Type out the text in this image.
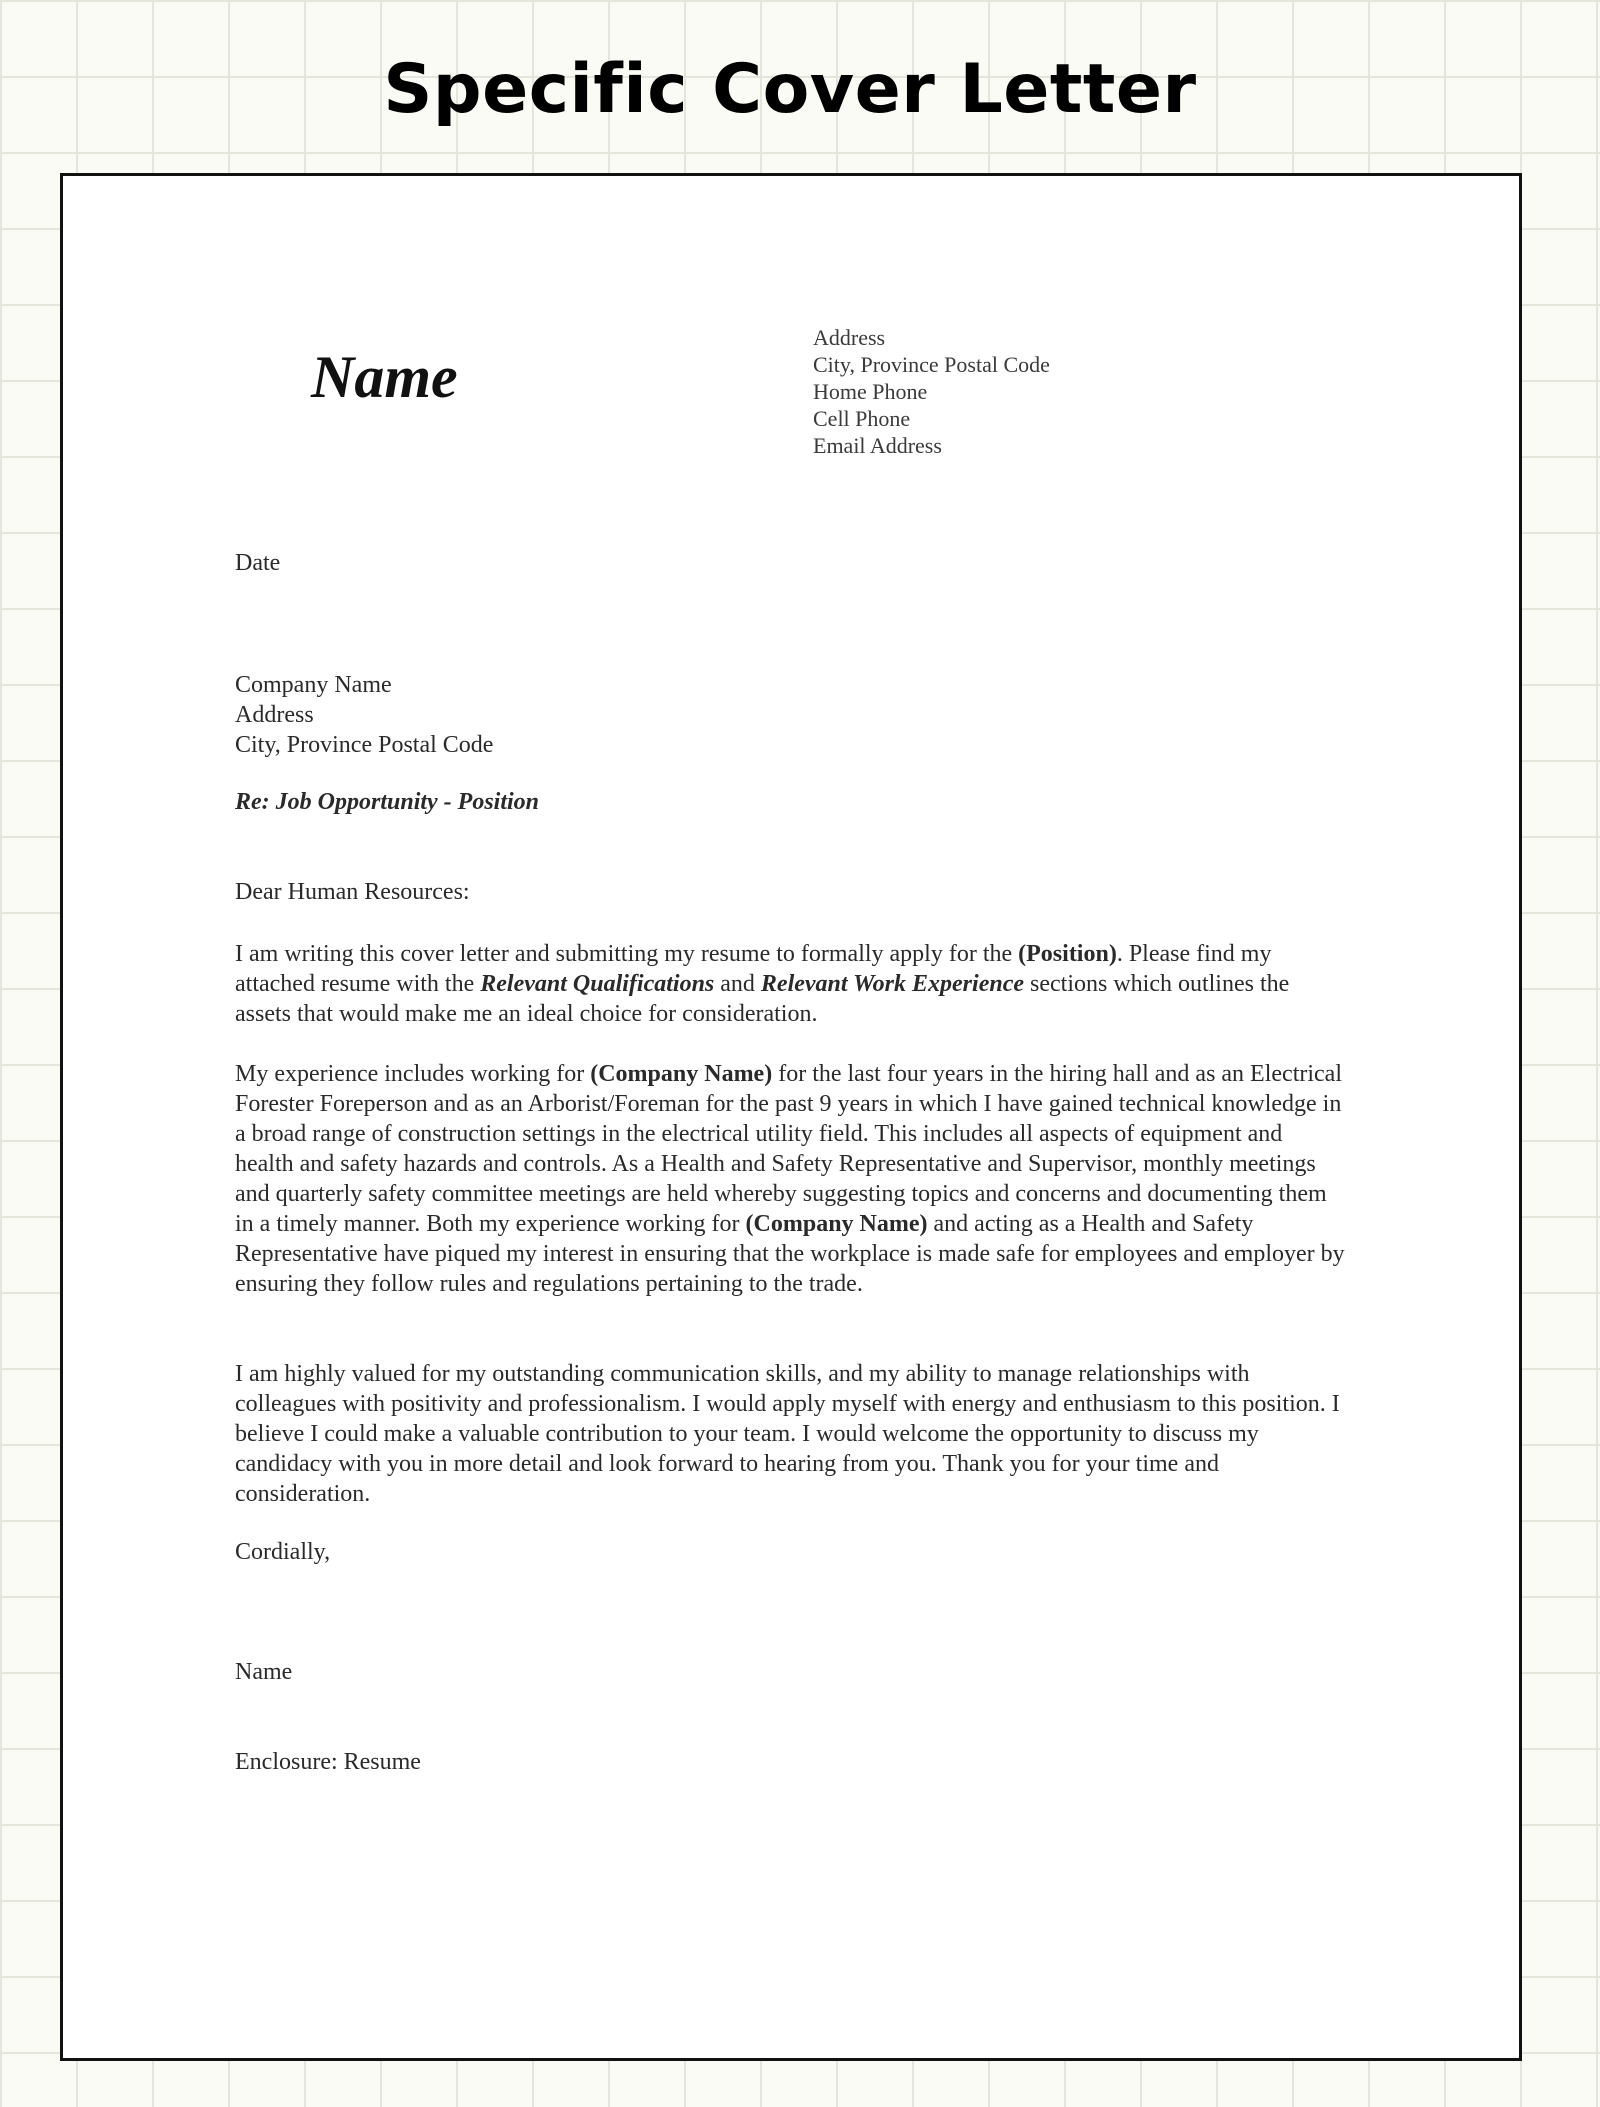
Specific Cover Letter
Name
Address
City, Province Postal Code
Home Phone
Cell Phone
Email Address
Date
Company Name
Address
City, Province Postal Code
Re: Job Opportunity - Position
Dear Human Resources:
I am writing this cover letter and submitting my resume to formally apply for the (Position). Please find my attached resume with the Relevant Qualifications and Relevant Work Experience sections which outlines the assets that would make me an ideal choice for consideration.
My experience includes working for (Company Name) for the last four years in the hiring hall and as an Electrical Forester Foreperson and as an Arborist/Foreman for the past 9 years in which I have gained technical knowledge in a broad range of construction settings in the electrical utility field. This includes all aspects of equipment and health and safety hazards and controls. As a Health and Safety Representative and Supervisor, monthly meetings and quarterly safety committee meetings are held whereby suggesting topics and concerns and documenting them in a timely manner. Both my experience working for (Company Name) and acting as a Health and Safety Representative have piqued my interest in ensuring that the workplace is made safe for employees and employer by ensuring they follow rules and regulations pertaining to the trade.
I am highly valued for my outstanding communication skills, and my ability to manage relationships with colleagues with positivity and professionalism. I would apply myself with energy and enthusiasm to this position. I believe I could make a valuable contribution to your team. I would welcome the opportunity to discuss my candidacy with you in more detail and look forward to hearing from you. Thank you for your time and consideration.
Cordially,
Name
Enclosure: Resume
